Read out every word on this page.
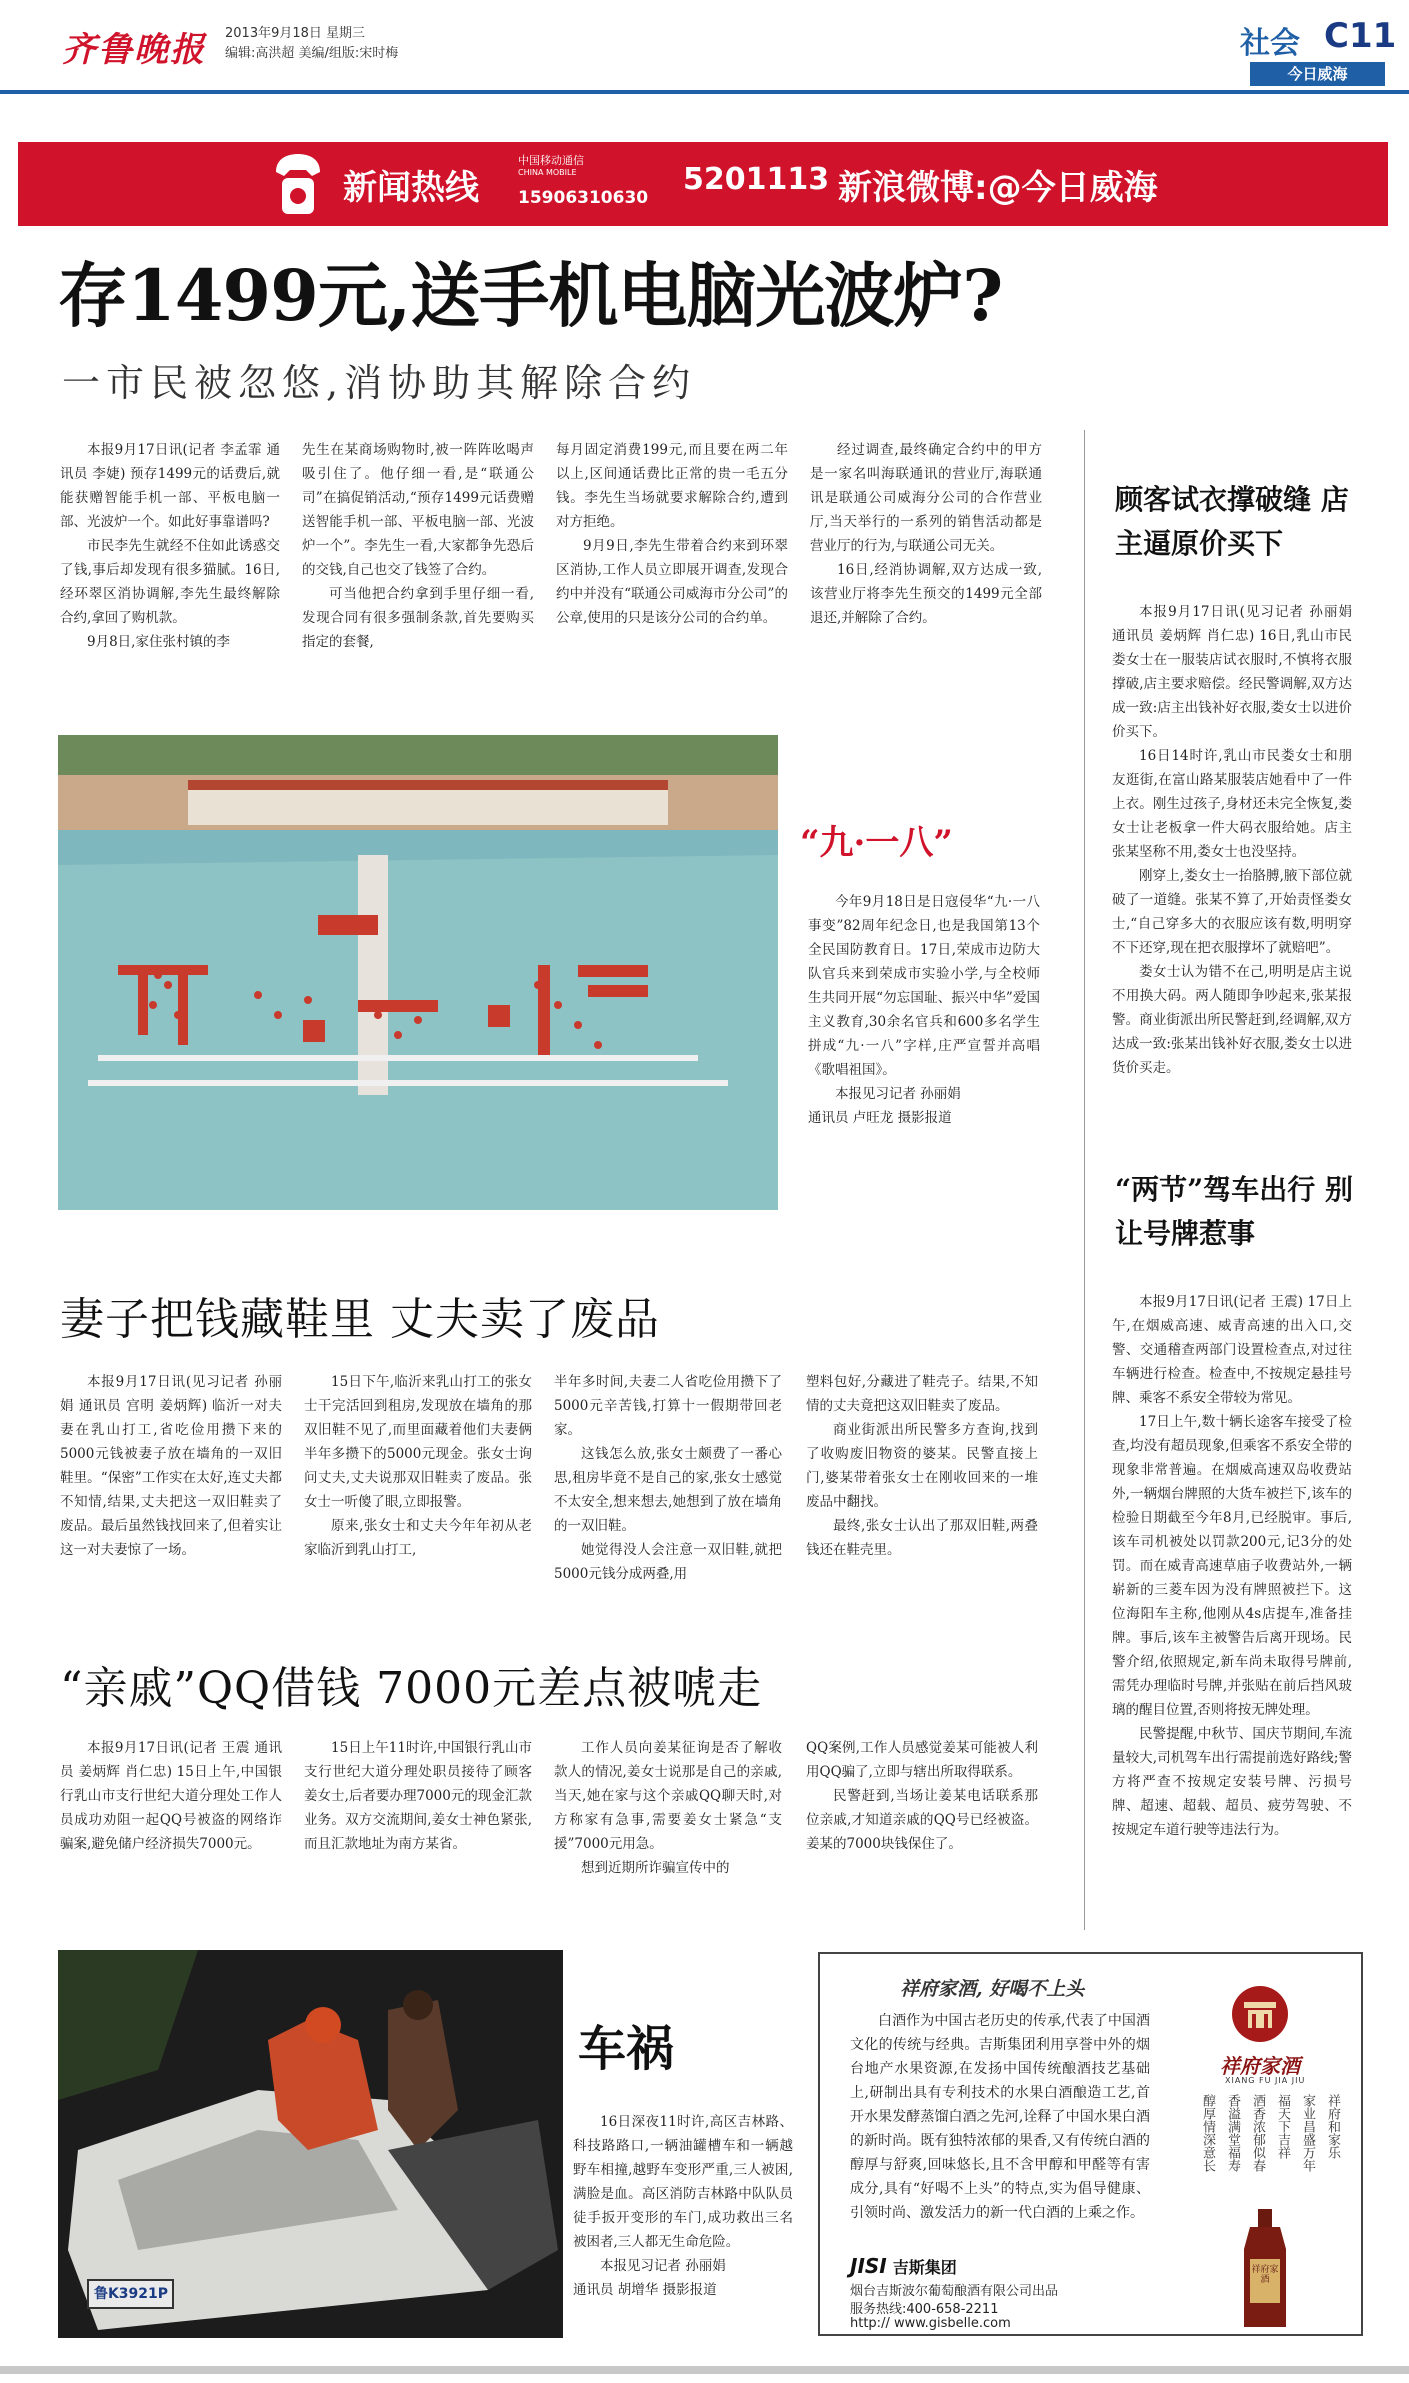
齐鲁晚报 2013年9月18日 星期三
编辑:高洪超 美编/组版:宋时梅	社会 C11
今日威海
新闻热线
中国移动通信
CHINA MOBILE
15906310630
5201113 新浪微博:@今日威海
存1499元,送手机电脑光波炉?
一市民被忽悠,消协助其解除合约

本报9月17日讯(记者 李孟霏 通讯员 李婕) 预存1499元的话费后,就能获赠智能手机一部、平板电脑一部、光波炉一个。如此好事靠谱吗?

市民李先生就经不住如此诱惑交了钱,事后却发现有很多猫腻。16日,经环翠区消协调解,李先生最终解除合约,拿回了购机款。

9月8日,家住张村镇的李

先生在某商场购物时,被一阵阵吆喝声吸引住了。他仔细一看,是“联通公司”在搞促销活动,“预存1499元话费赠送智能手机一部、平板电脑一部、光波炉一个”。李先生一看,大家都争先恐后的交钱,自己也交了钱签了合约。

可当他把合约拿到手里仔细一看,发现合同有很多强制条款,首先要购买指定的套餐,

每月固定消费199元,而且要在两二年以上,区间通话费比正常的贵一毛五分钱。李先生当场就要求解除合约,遭到对方拒绝。

9月9日,李先生带着合约来到环翠区消协,工作人员立即展开调查,发现合约中并没有“联通公司威海市分公司”的公章,使用的只是该分公司的合约单。

经过调查,最终确定合约中的甲方是一家名叫海联通讯的营业厅,海联通讯是联通公司威海分公司的合作营业厅,当天举行的一系列的销售活动都是营业厅的行为,与联通公司无关。

16日,经消协调解,双方达成一致,该营业厅将李先生预交的1499元全部退还,并解除了合约。

“九·一八”

今年9月18日是日寇侵华“九·一八事变”82周年纪念日,也是我国第13个全民国防教育日。17日,荣成市边防大队官兵来到荣成市实验小学,与全校师生共同开展“勿忘国耻、振兴中华”爱国主义教育,30余名官兵和600多名学生拼成“九·一八”字样,庄严宣誓并高唱《歌唱祖国》。

本报见习记者 孙丽娟

通讯员 卢旺龙 摄影报道

妻子把钱藏鞋里 丈夫卖了废品

本报9月17日讯(见习记者 孙丽娟 通讯员 宫明 姜炳辉) 临沂一对夫妻在乳山打工,省吃俭用攒下来的5000元钱被妻子放在墙角的一双旧鞋里。“保密”工作实在太好,连丈夫都不知情,结果,丈夫把这一双旧鞋卖了废品。最后虽然钱找回来了,但着实让这一对夫妻惊了一场。

15日下午,临沂来乳山打工的张女士干完活回到租房,发现放在墙角的那双旧鞋不见了,而里面藏着他们夫妻俩半年多攒下的5000元现金。张女士询问丈夫,丈夫说那双旧鞋卖了废品。张女士一听傻了眼,立即报警。

原来,张女士和丈夫今年年初从老家临沂到乳山打工,

半年多时间,夫妻二人省吃俭用攒下了5000元辛苦钱,打算十一假期带回老家。

这钱怎么放,张女士颇费了一番心思,租房毕竟不是自己的家,张女士感觉不太安全,想来想去,她想到了放在墙角的一双旧鞋。

她觉得没人会注意一双旧鞋,就把5000元钱分成两叠,用

塑料包好,分藏进了鞋壳子。结果,不知情的丈夫竟把这双旧鞋卖了废品。

商业街派出所民警多方查询,找到了收购废旧物资的婆某。民警直接上门,婆某带着张女士在刚收回来的一堆废品中翻找。

最终,张女士认出了那双旧鞋,两叠钱还在鞋壳里。

“亲戚”QQ借钱 7000元差点被唬走

本报9月17日讯(记者 王震 通讯员 姜炳辉 肖仁忠) 15日上午,中国银行乳山市支行世纪大道分理处工作人员成功劝阻一起QQ号被盗的网络诈骗案,避免储户经济损失7000元。

15日上午11时许,中国银行乳山市支行世纪大道分理处职员接待了顾客姜女士,后者要办理7000元的现金汇款业务。双方交流期间,姜女士神色紧张,而且汇款地址为南方某省。

工作人员向姜某征询是否了解收款人的情况,姜女士说那是自己的亲戚,当天,她在家与这个亲戚QQ聊天时,对方称家有急事,需要姜女士紧急“支援”7000元用急。

想到近期所诈骗宣传中的

QQ案例,工作人员感觉姜某可能被人利用QQ骗了,立即与辖出所取得联系。

民警赶到,当场让姜某电话联系那位亲戚,才知道亲戚的QQ号已经被盗。姜某的7000块钱保住了。

顾客试衣撑破缝 店主逼原价买下

本报9月17日讯(见习记者 孙丽娟 通讯员 姜炳辉 肖仁忠) 16日,乳山市民娄女士在一服装店试衣服时,不慎将衣服撑破,店主要求赔偿。经民警调解,双方达成一致:店主出钱补好衣服,娄女士以进价价买下。

16日14时许,乳山市民娄女士和朋友逛街,在富山路某服装店她看中了一件上衣。刚生过孩子,身材还未完全恢复,娄女士让老板拿一件大码衣服给她。店主张某坚称不用,娄女士也没坚持。

刚穿上,娄女士一抬胳膊,腋下部位就破了一道缝。张某不算了,开始责怪娄女士,“自己穿多大的衣服应该有数,明明穿不下还穿,现在把衣服撑坏了就赔吧”。

娄女士认为错不在己,明明是店主说不用换大码。两人随即争吵起来,张某报警。商业街派出所民警赶到,经调解,双方达成一致:张某出钱补好衣服,娄女士以进货价买走。

“两节”驾车出行 别让号牌惹事

本报9月17日讯(记者 王震) 17日上午,在烟威高速、威青高速的出入口,交警、交通稽查两部门设置检查点,对过往车辆进行检查。检查中,不按规定悬挂号牌、乘客不系安全带较为常见。

17日上午,数十辆长途客车接受了检查,均没有超员现象,但乘客不系安全带的现象非常普遍。在烟威高速双岛收费站外,一辆烟台牌照的大货车被拦下,该车的检验日期截至今年8月,已经脱审。事后,该车司机被处以罚款200元,记3分的处罚。而在威青高速草庙子收费站外,一辆崭新的三菱车因为没有牌照被拦下。这位海阳车主称,他刚从4s店提车,准备挂牌。事后,该车主被警告后离开现场。民警介绍,依照规定,新车尚未取得号牌前,需凭办理临时号牌,并张贴在前后挡风玻璃的醒目位置,否则将按无牌处理。

民警提醒,中秋节、国庆节期间,车流量较大,司机驾车出行需提前选好路线;警方将严查不按规定安装号牌、污损号牌、超速、超载、超员、疲劳驾驶、不按规定车道行驶等违法行为。

鲁K3921P
车祸

16日深夜11时许,高区吉林路、科技路路口,一辆油罐槽车和一辆越野车相撞,越野车变形严重,三人被困,满脸是血。高区消防吉林路中队队员徒手扳开变形的车门,成功救出三名被困者,三人都无生命危险。

本报见习记者 孙丽娟

通讯员 胡增华 摄影报道

祥府家酒, 好喝不上头

白酒作为中国古老历史的传承,代表了中国酒文化的传统与经典。吉斯集团利用享誉中外的烟台地产水果资源,在发扬中国传统酿酒技艺基础上,研制出具有专利技术的水果白酒酿造工艺,首开水果发酵蒸馏白酒之先河,诠释了中国水果白酒的新时尚。既有独特浓郁的果香,又有传统白酒的醇厚与舒爽,回味悠长,且不含甲醇和甲醛等有害成分,具有“好喝不上头”的特点,实为倡导健康、引领时尚、激发活力的新一代白酒的上乘之作。

JISI 吉斯集团
烟台吉斯波尔葡萄酿酒有限公司出品
服务热线:400-658-2211
http:// www.gisbelle.com
祥府家酒
XIANG FU JIA JIU
祥府和家乐
家业昌盛万年
福天下吉祥
酒香浓郁似春
香溢满堂福寿
醇厚情深意长
祥府家酒
